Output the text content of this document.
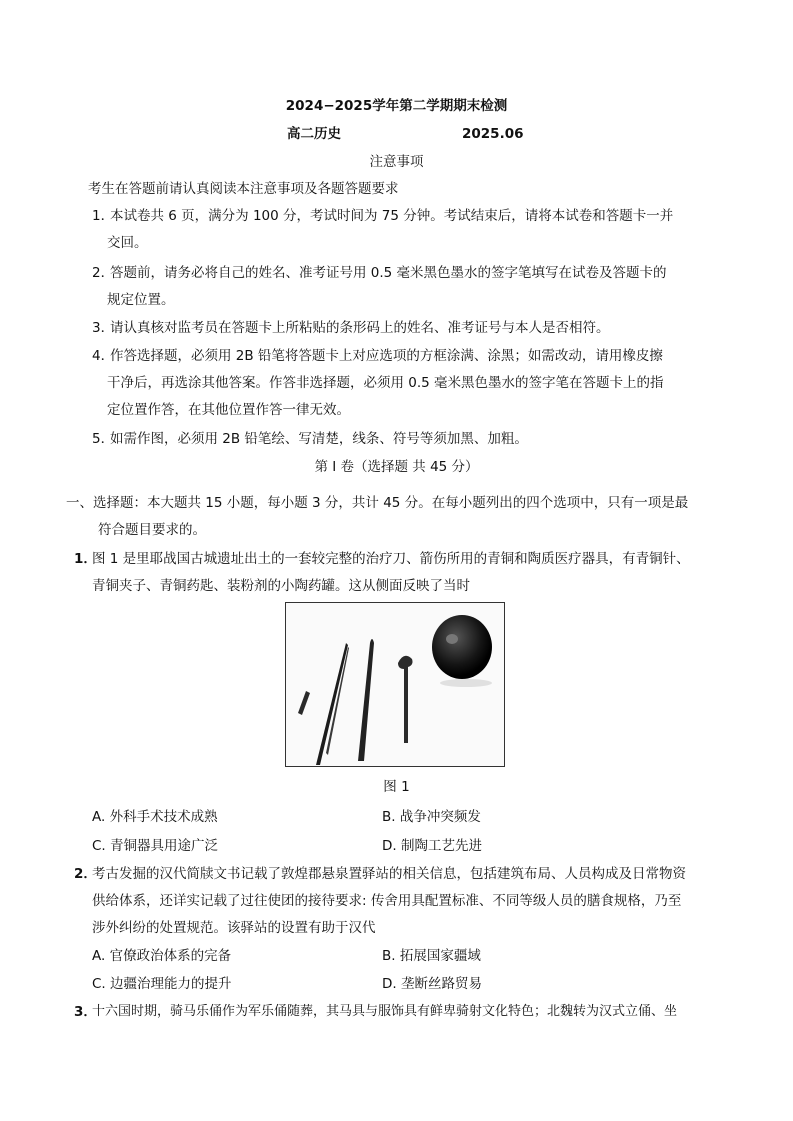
2024−2025学年第二学期期末检测
高二历史	2025.06
注意事项
考生在答题前请认真阅读本注意事项及各题答题要求
1．
本试卷共 6 页，满分为 100 分，考试时间为 75 分钟。考试结束后，请将本试卷和答题卡一并
交回。
2．
答题前，请务必将自己的姓名、准考证号用 0.5 毫米黑色墨水的签字笔填写在试卷及答题卡的
规定位置。
3．
请认真核对监考员在答题卡上所粘贴的条形码上的姓名、准考证号与本人是否相符。
4．
作答选择题，必须用 2B 铅笔将答题卡上对应选项的方框涂满、涂黑；如需改动，请用橡皮擦
干净后，再选涂其他答案。作答非选择题，必须用 0.5 毫米黑色墨水的签字笔在答题卡上的指
定位置作答，在其他位置作答一律无效。
5．
如需作图，必须用 2B 铅笔绘、写清楚，线条、符号等须加黑、加粗。
第 I 卷（选择题 共 45 分）
一、选择题：本大题共 15 小题，每小题 3 分，共计 45 分。在每小题列出的四个选项中，只有一项是最
符合题目要求的。
1．
图 1 是里耶战国古城遗址出土的一套较完整的治疗刀、箭伤所用的青铜和陶质医疗器具，有青铜针、
青铜夹子、青铜药匙、装粉剂的小陶药罐。这从侧面反映了当时
图 1
A. 外科手术技术成熟	B. 战争冲突频发
C. 青铜器具用途广泛	D. 制陶工艺先进
2．
考古发掘的汉代简牍文书记载了敦煌郡悬泉置驿站的相关信息，包括建筑布局、人员构成及日常物资
供给体系，还详实记载了过往使团的接待要求: 传舍用具配置标准、不同等级人员的膳食规格，乃至
涉外纠纷的处置规范。该驿站的设置有助于汉代
A. 官僚政治体系的完备	B. 拓展国家疆域
C. 边疆治理能力的提升	D. 垄断丝路贸易
3．
十六国时期，骑马乐俑作为军乐俑随葬，其马具与服饰具有鲜卑骑射文化特色；北魏转为汉式立俑、坐
